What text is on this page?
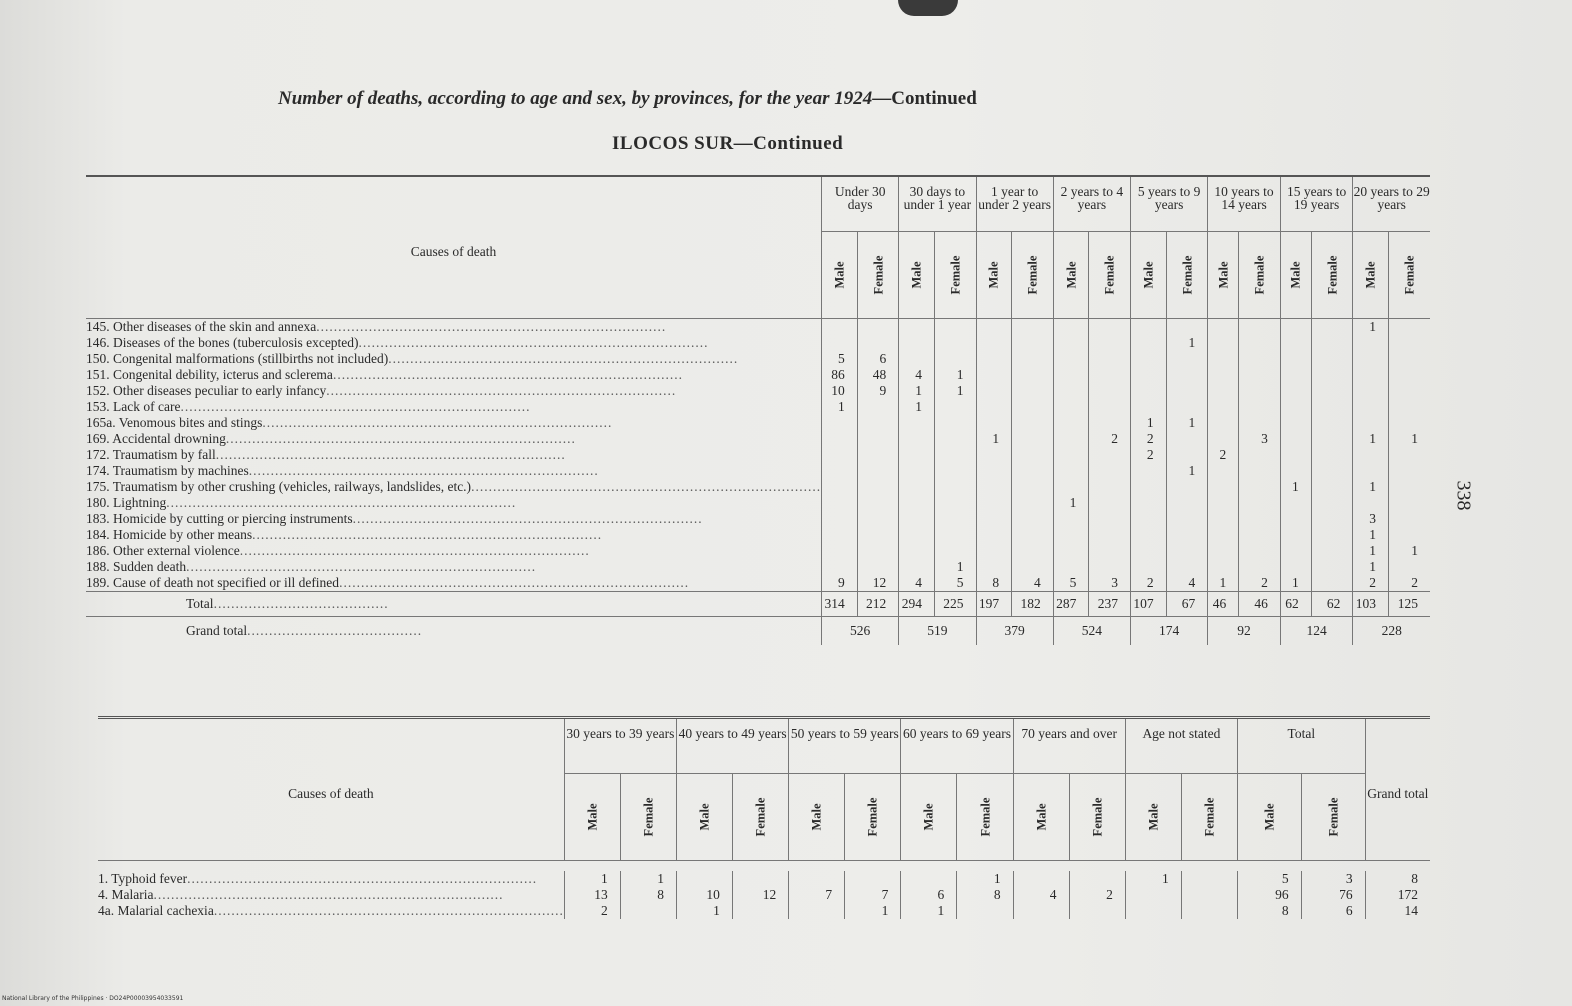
Number of deaths, according to age and sex, by provinces, for the year 1924—Continued
ILOCOS SUR—Continued
338
Causes of death	Under 30 days		30 days to under 1 year		1 year to under 2 years		2 years to 4 years		5 years to 9 years		10 years to 14 years		15 years to 19 years		20 years to 29 years	
	Male	Female	Male	Female	Male	Female	Male	Female	Male	Female	Male	Female	Male	Female	Male	Female
145. Other diseases of the skin and annexa................................................................................															1	
146. Diseases of the bones (tuberculosis excepted)................................................................................										1						
150. Congenital malformations (stillbirths not included)................................................................................	5	6														
151. Congenital debility, icterus and sclerema................................................................................	86	48	4	1												
152. Other diseases peculiar to early infancy................................................................................	10	9	1	1												
153. Lack of care................................................................................	1		1													
165a. Venomous bites and stings................................................................................									1	1						
169. Accidental drowning................................................................................					1			2	2			3			1	1
172. Traumatism by fall................................................................................									2		2					
174. Traumatism by machines................................................................................										1						
175. Traumatism by other crushing (vehicles, railways, landslides, etc.)................................................................................													1		1	
180. Lightning................................................................................							1									
183. Homicide by cutting or piercing instruments................................................................................															3	
184. Homicide by other means................................................................................															1	
186. Other external violence................................................................................															1	1
188. Sudden death................................................................................				1											1	
189. Cause of death not specified or ill defined................................................................................	9	12	4	5	8	4	5	3	2	4	1	2	1		2	2
Total........................................	314	212	294	225	197	182	287	237	107	67	46	46	62	62	103	125
Grand total........................................	526		519		379		524		174		92		124		228	
Causes of death	30 years to 39 years		40 years to 49 years		50 years to 59 years		60 years to 69 years		70 years and over		Age not stated		Total		Grand total
	Male	Female	Male	Female	Male	Female	Male	Female	Male	Female	Male	Female	Male	Female	

1. Typhoid fever................................................................................	1	1						1			1		5	3	8
4. Malaria................................................................................	13	8	10	12	7	7	6	8	4	2			96	76	172
4a. Malarial cachexia................................................................................	2		1			1	1						8	6	14
National Library of the Philippines · DO24P00003954033591
